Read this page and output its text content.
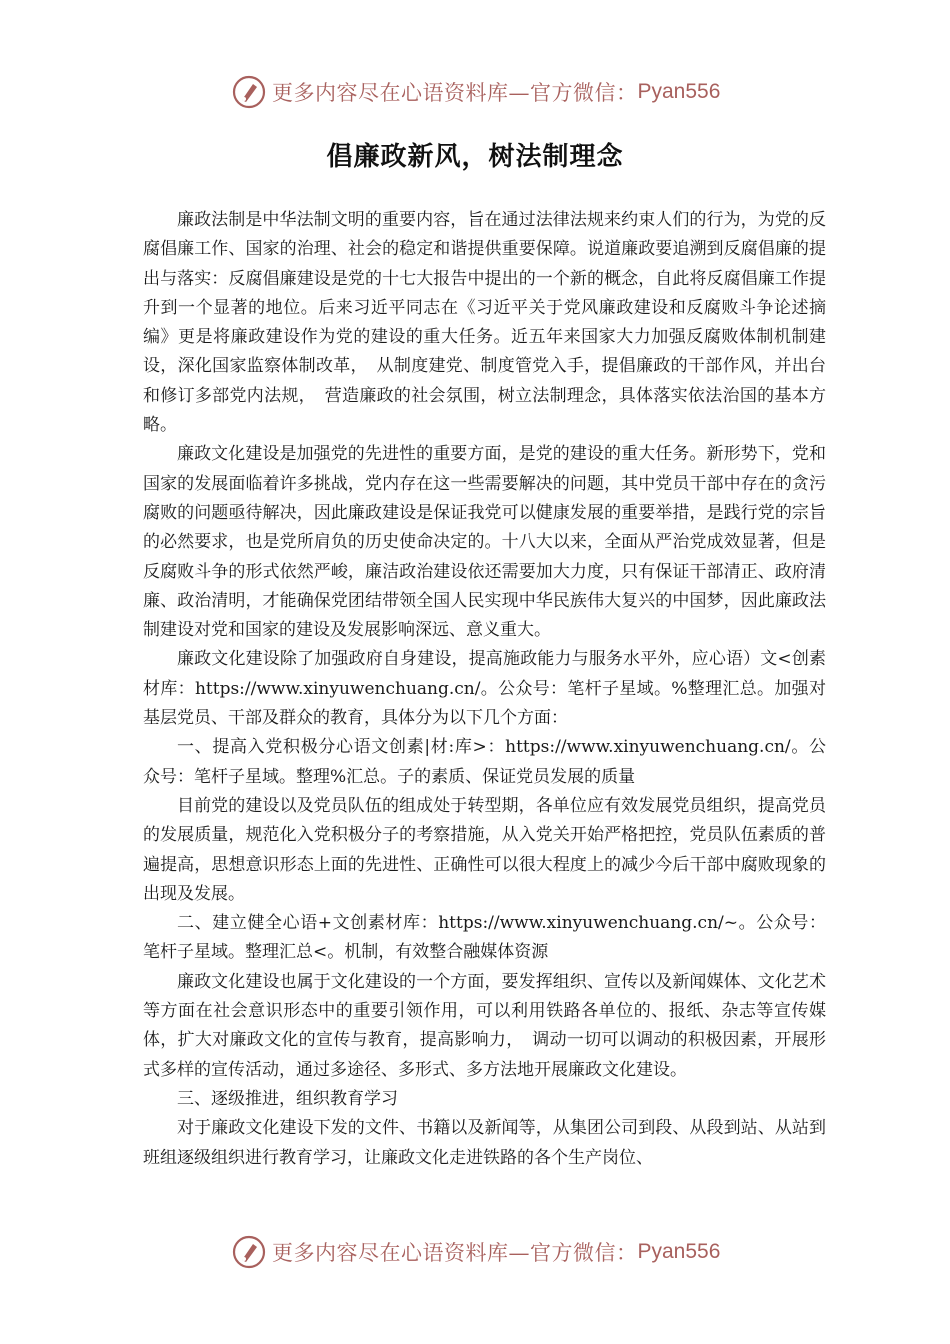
更多内容尽在心语资料库—官方微信： Pyan556
倡廉政新风，树法制理念

廉政法制是中华法制文明的重要内容，旨在通过法律法规来约束人们的行为，为党的反腐倡廉工作、国家的治理、社会的稳定和谐提供重要保障。说道廉政要追溯到反腐倡廉的提出与落实：反腐倡廉建设是党的十七大报告中提出的一个新的概念，自此将反腐倡廉工作提升到一个显著的地位。后来习近平同志在《习近平关于党风廉政建设和反腐败斗争论述摘编》更是将廉政建设作为党的建设的重大任务。近五年来国家大力加强反腐败体制机制建设，深化国家监察体制改革，　从制度建党、制度管党入手，提倡廉政的干部作风，并出台和修订多部党内法规，　营造廉政的社会氛围，树立法制理念，具体落实依法治国的基本方略。

廉政文化建设是加强党的先进性的重要方面，是党的建设的重大任务。新形势下，党和国家的发展面临着许多挑战，党内存在这一些需要解决的问题，其中党员干部中存在的贪污腐败的问题亟待解决，因此廉政建设是保证我党可以健康发展的重要举措，是践行党的宗旨的必然要求，也是党所肩负的历史使命决定的。十八大以来，全面从严治党成效显著，但是反腐败斗争的形式依然严峻，廉洁政治建设依还需要加大力度，只有保证干部清正、政府清廉、政治清明，才能确保党团结带领全国人民实现中华民族伟大复兴的中国梦，因此廉政法制建设对党和国家的建设及发展影响深远、意义重大。

廉政文化建设除了加强政府自身建设，提高施政能力与服务水平外，应心语）文<创素材库：https://www.xinyuwenchuang.cn/。公众号：笔杆子星域。%整理汇总。加强对基层党员、干部及群众的教育，具体分为以下几个方面：

一、提高入党积极分心语文创素|材:库>：https://www.xinyuwenchuang.cn/。公众号：笔杆子星域。整理%汇总。子的素质、保证党员发展的质量

目前党的建设以及党员队伍的组成处于转型期，各单位应有效发展党员组织，提高党员的发展质量，规范化入党积极分子的考察措施，从入党关开始严格把控，党员队伍素质的普遍提高，思想意识形态上面的先进性、正确性可以很大程度上的减少今后干部中腐败现象的出现及发展。

二、建立健全心语+文创素材库：https://www.xinyuwenchuang.cn/~。公众号：笔杆子星域。整理汇总<。机制，有效整合融媒体资源

廉政文化建设也属于文化建设的一个方面，要发挥组织、宣传以及新闻媒体、文化艺术等方面在社会意识形态中的重要引领作用，可以利用铁路各单位的、报纸、杂志等宣传媒体，扩大对廉政文化的宣传与教育，提高影响力，　调动一切可以调动的积极因素，开展形式多样的宣传活动，通过多途径、多形式、多方法地开展廉政文化建设。

三、逐级推进，组织教育学习

对于廉政文化建设下发的文件、书籍以及新闻等，从集团公司到段、从段到站、从站到班组逐级组织进行教育学习，让廉政文化走进铁路的各个生产岗位、

更多内容尽在心语资料库—官方微信： Pyan556
